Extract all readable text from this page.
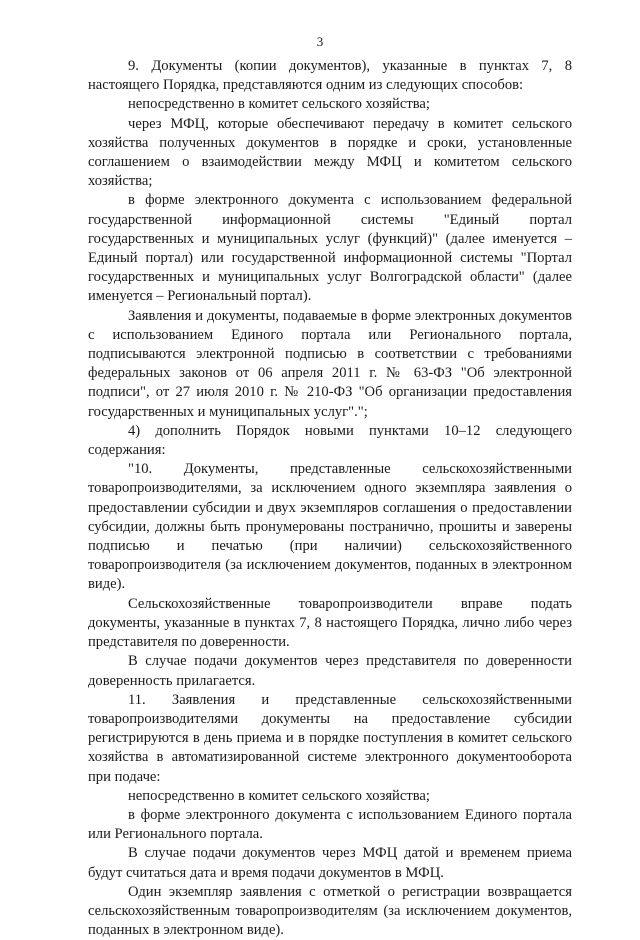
3

9. Документы (копии документов), указанные в пунктах 7, 8 настоящего Порядка, представляются одним из следующих способов:

непосредственно в комитет сельского хозяйства;

через МФЦ, которые обеспечивают передачу в комитет сельского хозяйства полученных документов в порядке и сроки, установленные соглашением о взаимодействии между МФЦ и комитетом сельского хозяйства;

в форме электронного документа с использованием федеральной государственной информационной системы "Единый портал государственных и муниципальных услуг (функций)" (далее именуется – Единый портал) или государственной информационной системы "Портал государственных и муниципальных услуг Волгоградской области" (далее именуется – Региональный портал).

Заявления и документы, подаваемые в форме электронных документов с использованием Единого портала или Регионального портала, подписываются электронной подписью в соответствии с требованиями федеральных законов от 06 апреля 2011 г. № 63-ФЗ "Об электронной подписи", от 27 июля 2010 г. № 210-ФЗ "Об организации предоставления государственных и муниципальных услуг".";

4) дополнить Порядок новыми пунктами 10–12 следующего содержания:

"10. Документы, представленные сельскохозяйственными товаропроизводителями, за исключением одного экземпляра заявления о предоставлении субсидии и двух экземпляров соглашения о предоставлении субсидии, должны быть пронумерованы постранично, прошиты и заверены подписью и печатью (при наличии) сельскохозяйственного товаропроизводителя (за исключением документов, поданных в электронном виде).

Сельскохозяйственные товаропроизводители вправе подать документы, указанные в пунктах 7, 8 настоящего Порядка, лично либо через представителя по доверенности.

В случае подачи документов через представителя по доверенности доверенность прилагается.

11. Заявления и представленные сельскохозяйственными товаропроизводителями документы на предоставление субсидии регистрируются в день приема и в порядке поступления в комитет сельского хозяйства в автоматизированной системе электронного документооборота при подаче:

непосредственно в комитет сельского хозяйства;

в форме электронного документа с использованием Единого портала или Регионального портала.

В случае подачи документов через МФЦ датой и временем приема будут считаться дата и время подачи документов в МФЦ.

Один экземпляр заявления с отметкой о регистрации возвращается сельскохозяйственным товаропроизводителям (за исключением документов, поданных в электронном виде).
